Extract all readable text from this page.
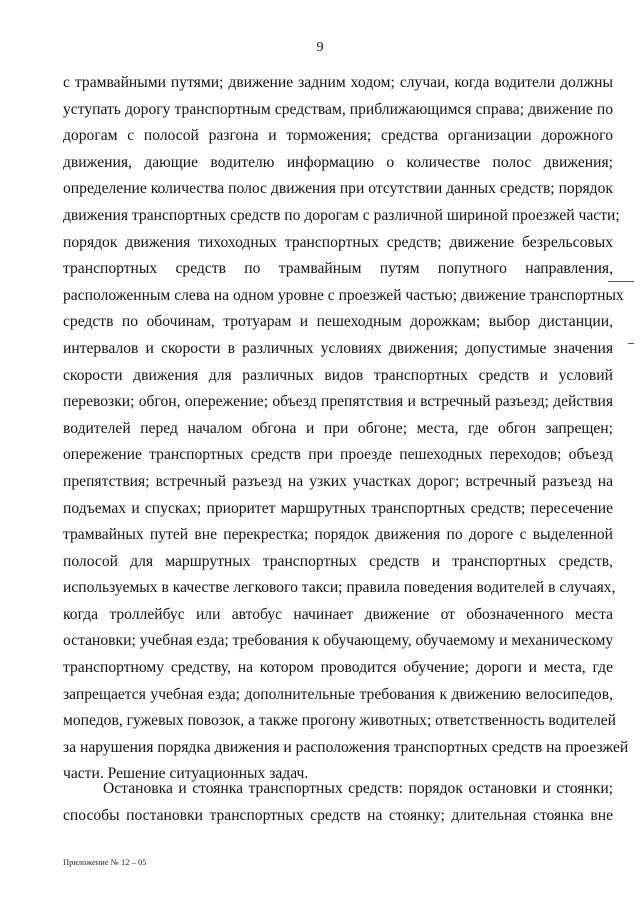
9
с трамвайными путями; движение задним ходом; случаи, когда водители должны
уступать дорогу транспортным средствам, приближающимся справа; движение по
дорогам с полосой разгона и торможения; средства организации дорожного
движения, дающие водителю информацию о количестве полос движения;
определение количества полос движения при отсутствии данных средств; порядок
движения транспортных средств по дорогам с различной шириной проезжей части;
порядок движения тихоходных транспортных средств; движение безрельсовых
транспортных средств по трамвайным путям попутного направления,
расположенным слева на одном уровне с проезжей частью; движение транспортных
средств по обочинам, тротуарам и пешеходным дорожкам; выбор дистанции,
интервалов и скорости в различных условиях движения; допустимые значения
скорости движения для различных видов транспортных средств и условий
перевозки; обгон, опережение; объезд препятствия и встречный разъезд; действия
водителей перед началом обгона и при обгоне; места, где обгон запрещен;
опережение транспортных средств при проезде пешеходных переходов; объезд
препятствия; встречный разъезд на узких участках дорог; встречный разъезд на
подъемах и спусках; приоритет маршрутных транспортных средств; пересечение
трамвайных путей вне перекрестка; порядок движения по дороге с выделенной
полосой для маршрутных транспортных средств и транспортных средств,
используемых в качестве легкового такси; правила поведения водителей в случаях,
когда троллейбус или автобус начинает движение от обозначенного места
остановки; учебная езда; требования к обучающему, обучаемому и механическому
транспортному средству, на котором проводится обучение; дороги и места, где
запрещается учебная езда; дополнительные требования к движению велосипедов,
мопедов, гужевых повозок, а также прогону животных; ответственность водителей
за нарушения порядка движения и расположения транспортных средств на проезжей
части. Решение ситуационных задач.
Остановка и стоянка транспортных средств: порядок остановки и стоянки;
способы постановки транспортных средств на стоянку; длительная стоянка вне
Приложение № 12 – 05
